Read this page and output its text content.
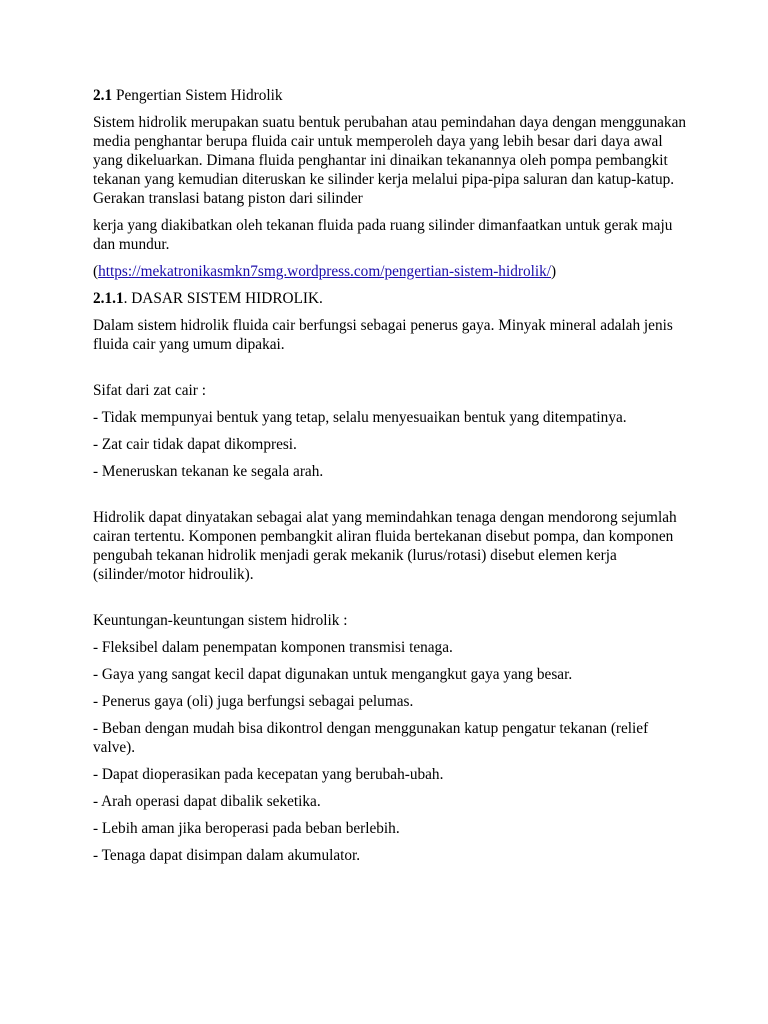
2.1 Pengertian Sistem Hidrolik

Sistem hidrolik merupakan suatu bentuk perubahan atau pemindahan daya dengan menggunakan media penghantar berupa fluida cair untuk memperoleh daya yang lebih besar dari daya awal yang dikeluarkan. Dimana fluida penghantar ini dinaikan tekanannya oleh pompa pembangkit tekanan yang kemudian diteruskan ke silinder kerja melalui pipa-pipa saluran dan katup-katup. Gerakan translasi batang piston dari silinder

kerja yang diakibatkan oleh tekanan fluida pada ruang silinder dimanfaatkan untuk gerak maju dan mundur.

(https://mekatronikasmkn7smg.wordpress.com/pengertian-sistem-hidrolik/)

2.1.1. DASAR SISTEM HIDROLIK.

Dalam sistem hidrolik fluida cair berfungsi sebagai penerus gaya. Minyak mineral adalah jenis fluida cair yang umum dipakai.

Sifat dari zat cair :

- Tidak mempunyai bentuk yang tetap, selalu menyesuaikan bentuk yang ditempatinya.

- Zat cair tidak dapat dikompresi.

- Meneruskan tekanan ke segala arah.

Hidrolik dapat dinyatakan sebagai alat yang memindahkan tenaga dengan mendorong sejumlah cairan tertentu. Komponen pembangkit aliran fluida bertekanan disebut pompa, dan komponen pengubah tekanan hidrolik menjadi gerak mekanik (lurus/rotasi) disebut elemen kerja (silinder/motor hidroulik).

Keuntungan-keuntungan sistem hidrolik :

- Fleksibel dalam penempatan komponen transmisi tenaga.

- Gaya yang sangat kecil dapat digunakan untuk mengangkut gaya yang besar.

- Penerus gaya (oli) juga berfungsi sebagai pelumas.

- Beban dengan mudah bisa dikontrol dengan menggunakan katup pengatur tekanan (relief valve).

- Dapat dioperasikan pada kecepatan yang berubah-ubah.

- Arah operasi dapat dibalik seketika.

- Lebih aman jika beroperasi pada beban berlebih.

- Tenaga dapat disimpan dalam akumulator.
